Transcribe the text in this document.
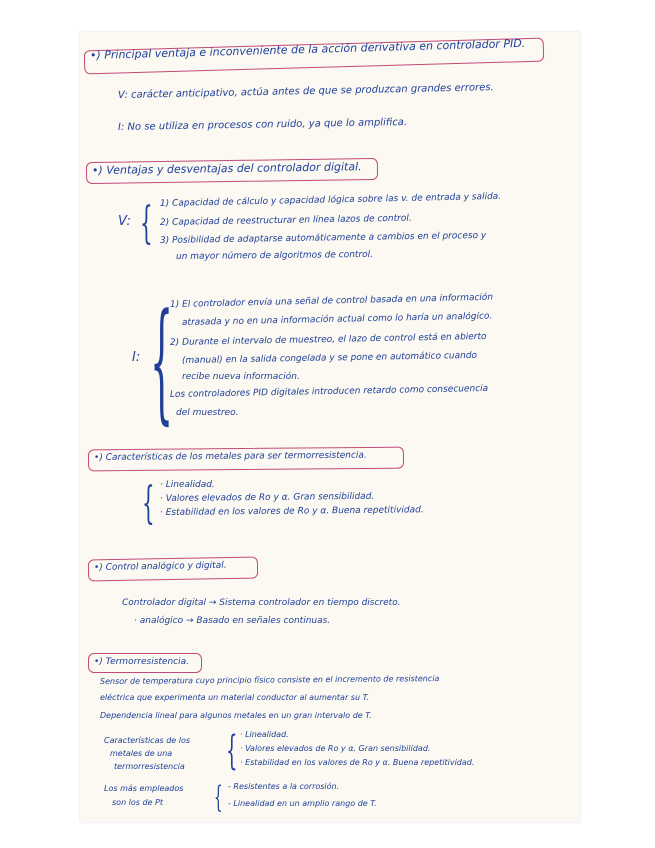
•) Principal ventaja e inconveniente de la acción derivativa en controlador PID.
V: carácter anticipativo, actúa antes de que se produzcan grandes errores.
I: No se utiliza en procesos con ruido, ya que lo amplifica.
•) Ventajas y desventajas del controlador digital.
V: { 1) Capacidad de cálculo y capacidad lógica sobre las v. de entrada y salida.
2) Capacidad de reestructurar en línea lazos de control.
3) Posibilidad de adaptarse automáticamente a cambios en el proceso y
un mayor número de algoritmos de control.
I: {
1) El controlador envía una señal de control basada en una información
atrasada y no en una información actual como lo haría un analógico.
2) Durante el intervalo de muestreo, el lazo de control está en abierto
(manual) en la salida congelada y se pone en automático cuando
recibe nueva información.
Los controladores PID digitales introducen retardo como consecuencia
del muestreo.
•) Características de los metales para ser termorresistencia.
{ · Linealidad.
· Valores elevados de Ro y α. Gran sensibilidad.
· Estabilidad en los valores de Ro y α. Buena repetitividad.
•) Control analógico y digital.
Controlador digital → Sistema controlador en tiempo discreto.
· analógico → Basado en señales continuas.
•) Termorresistencia.
Sensor de temperatura cuyo principio físico consiste en el incremento de resistencia
eléctrica que experimenta un material conductor al aumentar su T.
Dependencia lineal para algunos metales en un gran intervalo de T.
Características de los
metales de una
termorresistencia { · Linealidad.
· Valores elevados de Ro y α. Gran sensibilidad.
· Estabilidad en los valores de Ro y α. Buena repetitividad.
Los más empleados
son los de Pt { - Resistentes a la corrosión.
- Linealidad en un amplio rango de T.
